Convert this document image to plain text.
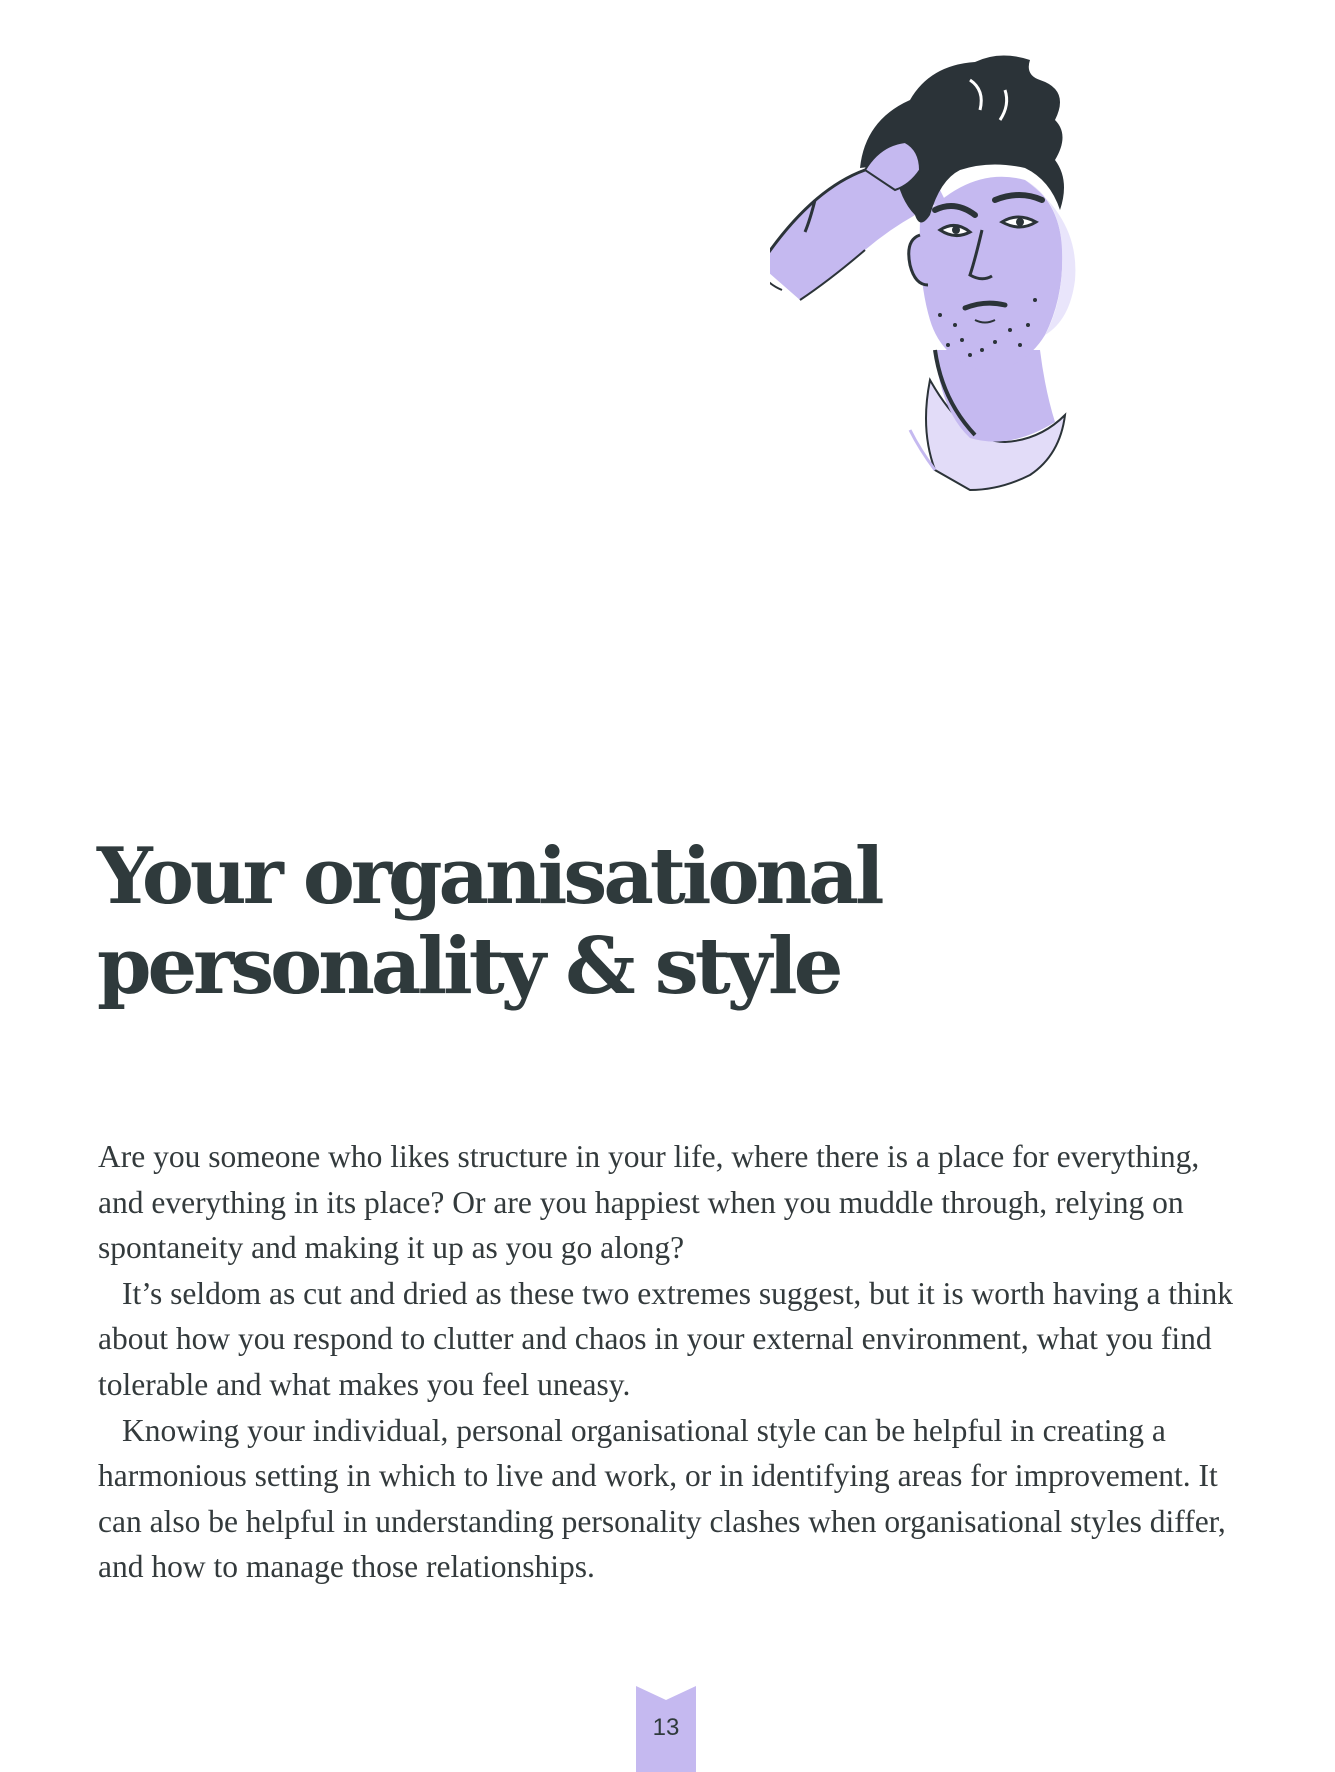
Your organisational
personality & style

Are you someone who likes structure in your life, where there is a place for everything, and everything in its place? Or are you happiest when you muddle through, relying on spontaneity and making it up as you go along?

It’s seldom as cut and dried as these two extremes suggest, but it is worth having a think about how you respond to clutter and chaos in your external environment, what you find tolerable and what makes you feel uneasy.

Knowing your individual, personal organisational style can be helpful in creating a harmonious setting in which to live and work, or in identifying areas for improvement. It can also be helpful in understanding personality clashes when organisational styles differ, and how to manage those relationships.

13
